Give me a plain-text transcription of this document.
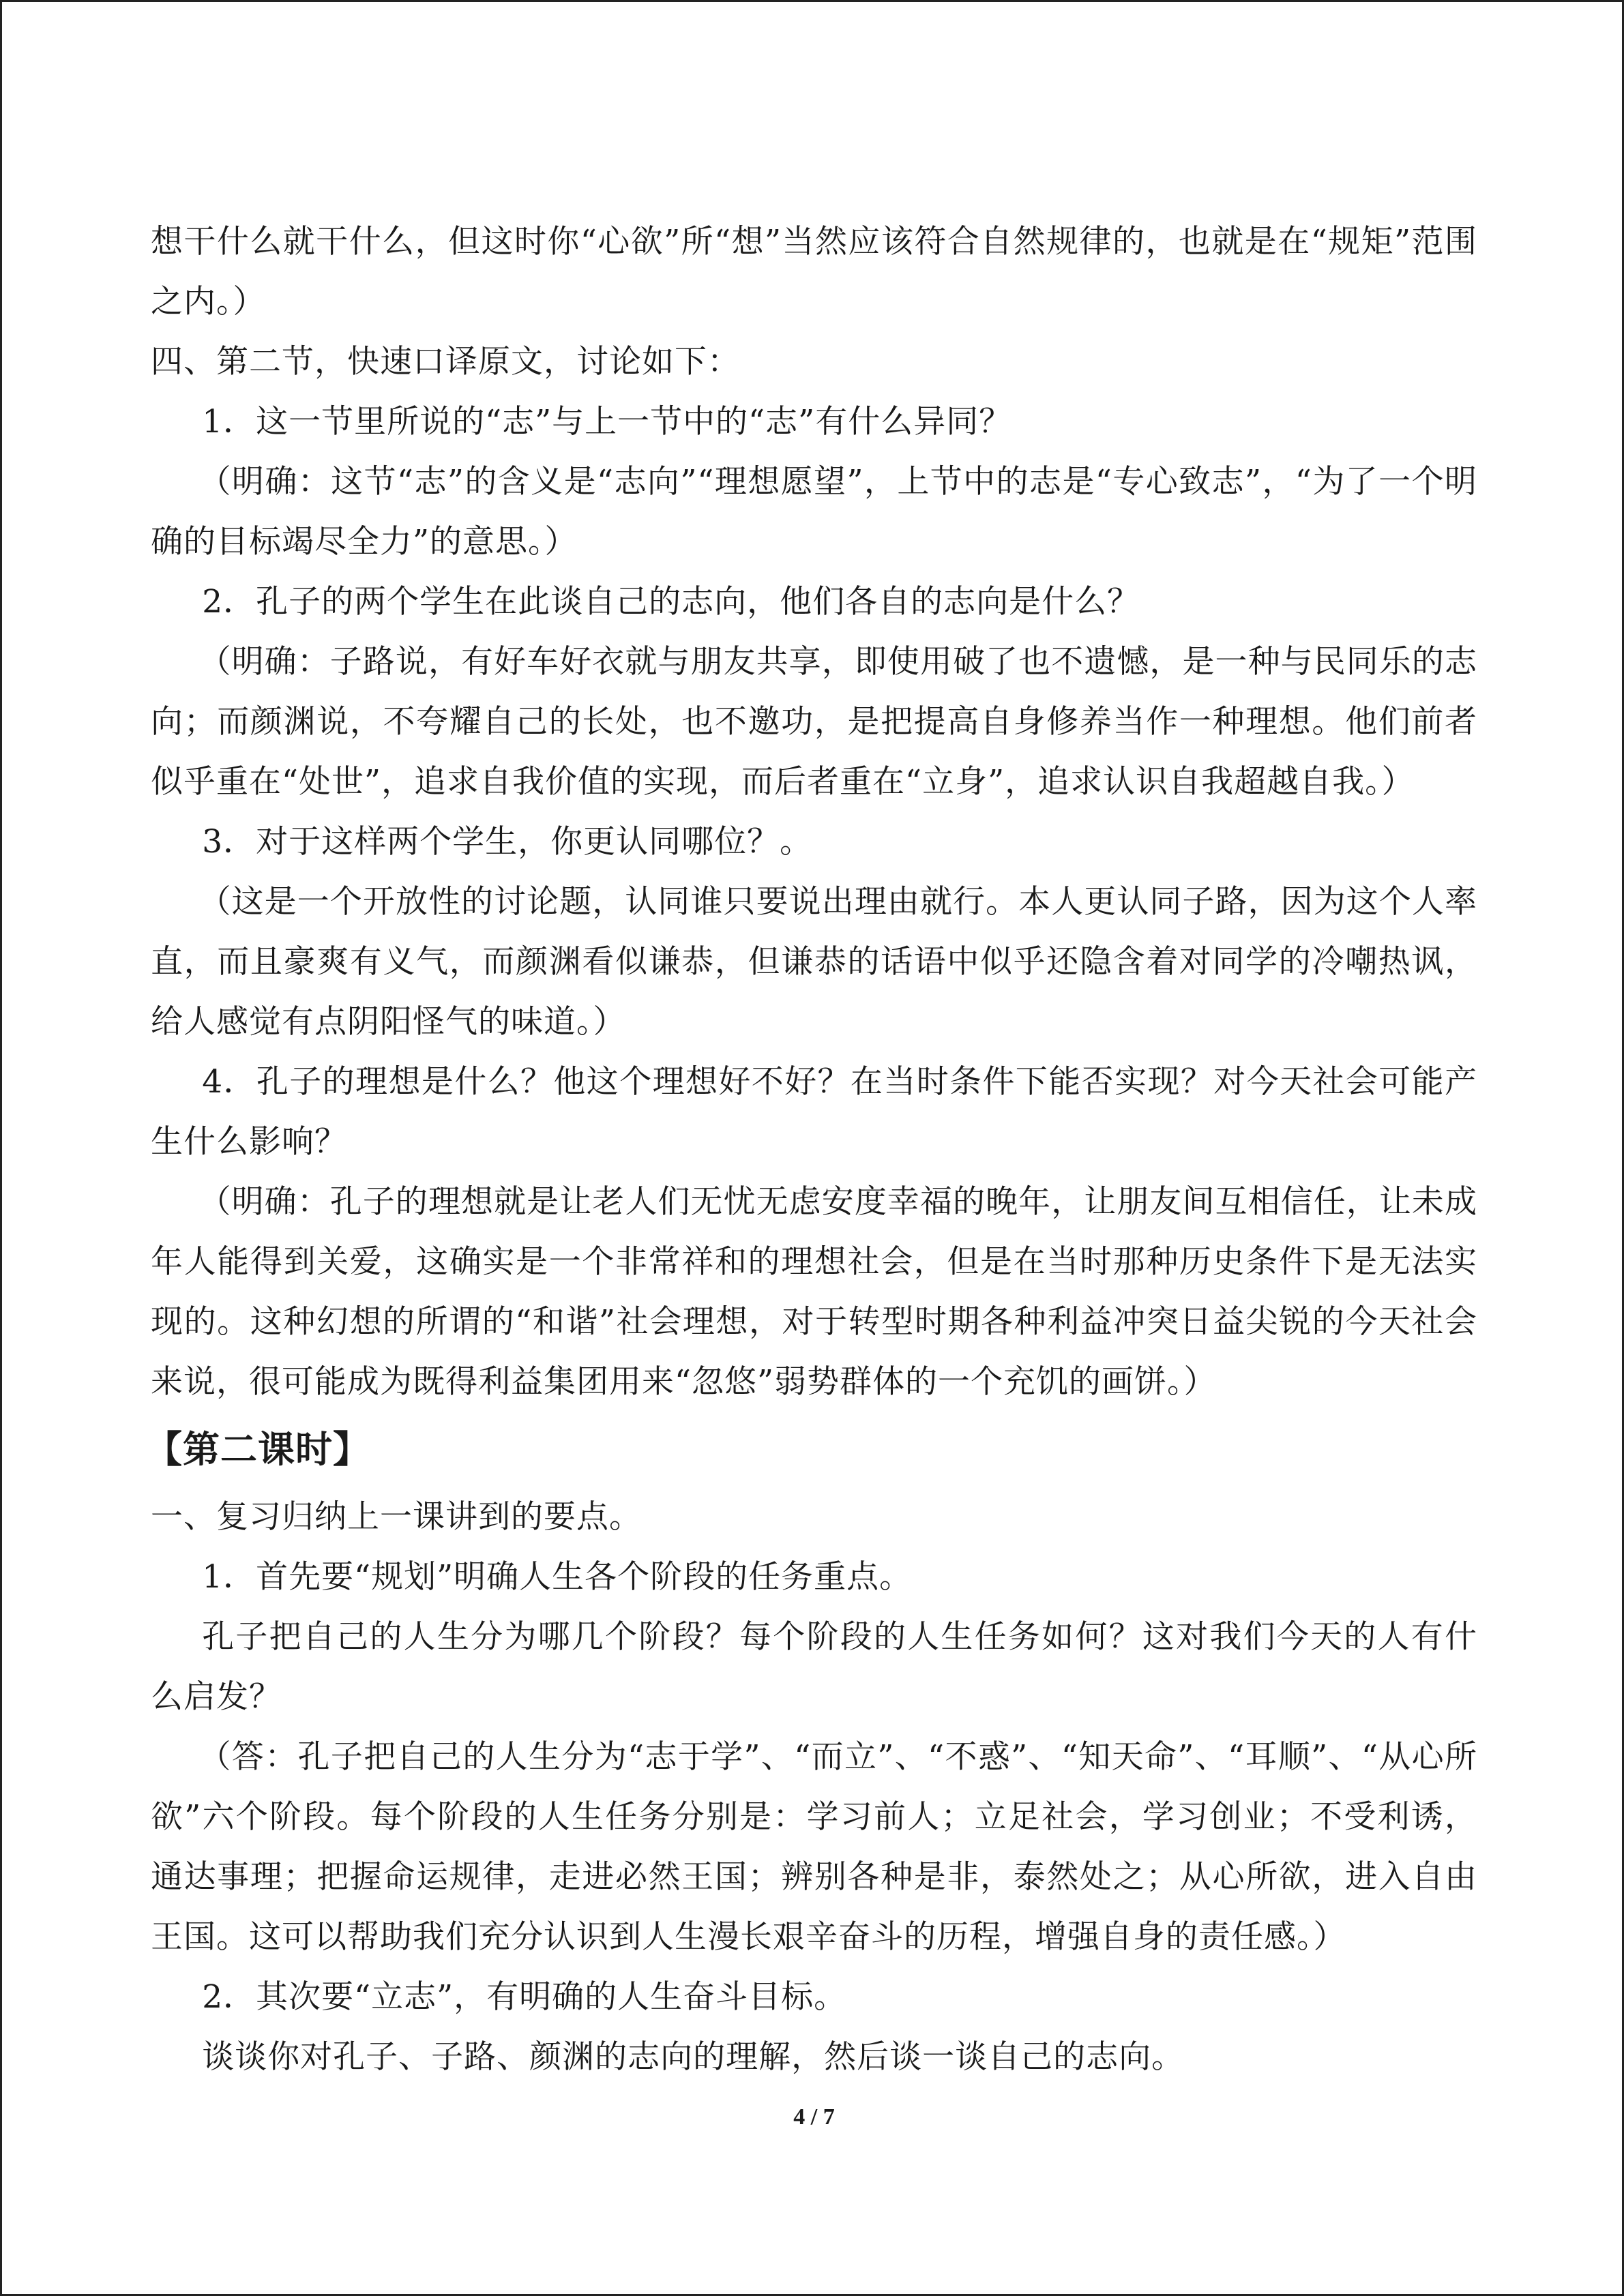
想干什么就干什么，但这时你“心欲”所“想”当然应该符合自然规律的，也就是在“规矩”范围之内。）

四、第二节，快速口译原文，讨论如下：

1．这一节里所说的“志”与上一节中的“志”有什么异同？

（明确：这节“志”的含义是“志向”“理想愿望”，上节中的志是“专心致志”，“为了一个明确的目标竭尽全力”的意思。）

2．孔子的两个学生在此谈自己的志向，他们各自的志向是什么？

（明确：子路说，有好车好衣就与朋友共享，即使用破了也不遗憾，是一种与民同乐的志向；而颜渊说，不夸耀自己的长处，也不邀功，是把提高自身修养当作一种理想。他们前者似乎重在“处世”，追求自我价值的实现，而后者重在“立身”，追求认识自我超越自我。）

3．对于这样两个学生，你更认同哪位？。

（这是一个开放性的讨论题，认同谁只要说出理由就行。本人更认同子路，因为这个人率直，而且豪爽有义气，而颜渊看似谦恭，但谦恭的话语中似乎还隐含着对同学的冷嘲热讽，给人感觉有点阴阳怪气的味道。）

4．孔子的理想是什么？他这个理想好不好？在当时条件下能否实现？对今天社会可能产生什么影响？

（明确：孔子的理想就是让老人们无忧无虑安度幸福的晚年，让朋友间互相信任，让未成年人能得到关爱，这确实是一个非常祥和的理想社会，但是在当时那种历史条件下是无法实现的。这种幻想的所谓的“和谐”社会理想，对于转型时期各种利益冲突日益尖锐的今天社会来说，很可能成为既得利益集团用来“忽悠”弱势群体的一个充饥的画饼。）

【第二课时】

一、复习归纳上一课讲到的要点。

1．首先要“规划”明确人生各个阶段的任务重点。

孔子把自己的人生分为哪几个阶段？每个阶段的人生任务如何？这对我们今天的人有什么启发？

（答：孔子把自己的人生分为“志于学”、“而立”、“不惑”、“知天命”、“耳顺”、“从心所欲”六个阶段。每个阶段的人生任务分别是：学习前人；立足社会，学习创业；不受利诱，通达事理；把握命运规律，走进必然王国；辨别各种是非，泰然处之；从心所欲，进入自由王国。这可以帮助我们充分认识到人生漫长艰辛奋斗的历程，增强自身的责任感。）

2．其次要“立志”，有明确的人生奋斗目标。

谈谈你对孔子、子路、颜渊的志向的理解，然后谈一谈自己的志向。

4 / 7
